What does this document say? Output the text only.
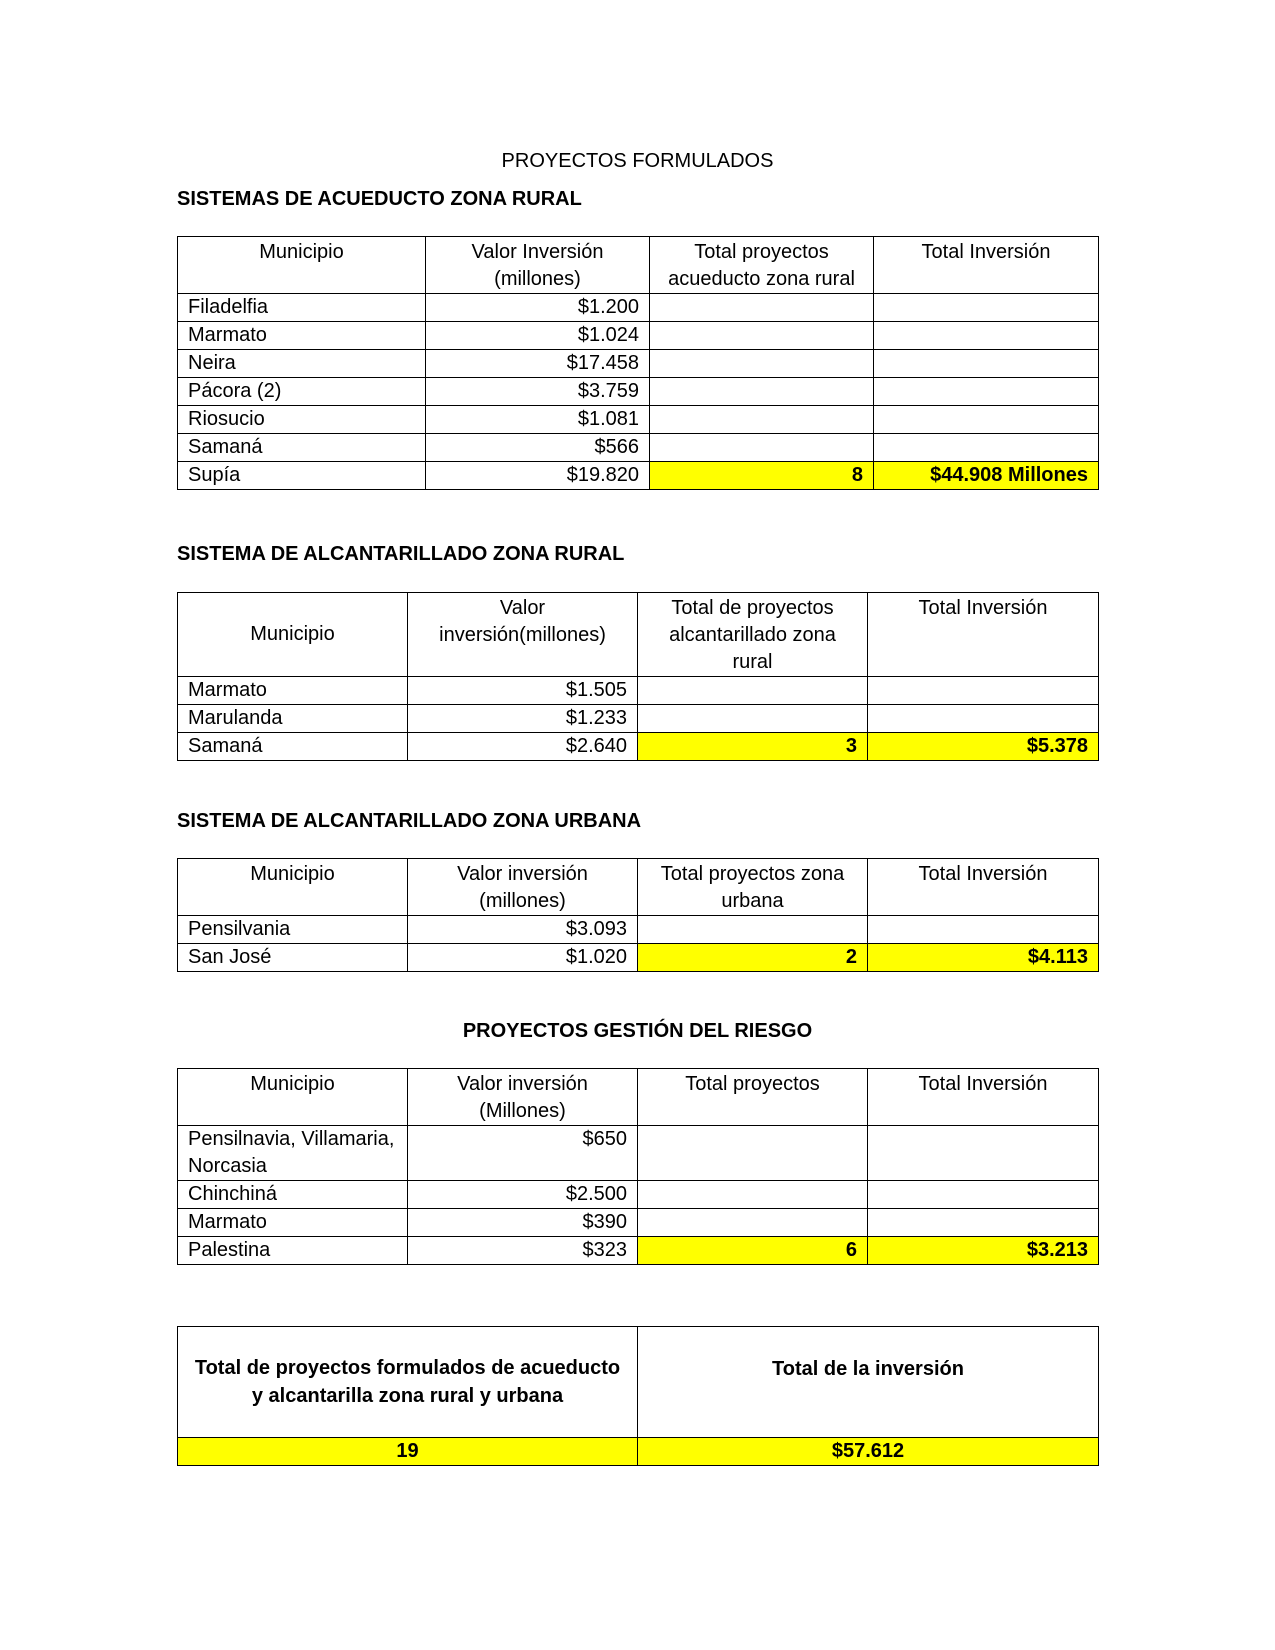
PROYECTOS FORMULADOS
SISTEMAS DE ACUEDUCTO ZONA RURAL
Municipio	Valor Inversión (millones)	Total proyectos acueducto zona rural	Total Inversión
Filadelfia	$1.200		
Marmato	$1.024		
Neira	$17.458		
Pácora (2)	$3.759		
Riosucio	$1.081		
Samaná	$566		
Supía	$19.820	8	$44.908 Millones
SISTEMA DE ALCANTARILLADO ZONA RURAL
Municipio	Valor inversión(millones)	Total de proyectos alcantarillado zona rural	Total Inversión
Marmato	$1.505		
Marulanda	$1.233		
Samaná	$2.640	3	$5.378
SISTEMA DE ALCANTARILLADO ZONA URBANA
Municipio	Valor inversión (millones)	Total proyectos zona urbana	Total Inversión
Pensilvania	$3.093		
San José	$1.020	2	$4.113
PROYECTOS GESTIÓN DEL RIESGO
Municipio	Valor inversión (Millones)	Total proyectos	Total Inversión
Pensilnavia, Villamaria, Norcasia	$650		
Chinchiná	$2.500		
Marmato	$390		
Palestina	$323	6	$3.213
Total de proyectos formulados de acueducto y alcantarilla zona rural y urbana	Total de la inversión
19	$57.612
